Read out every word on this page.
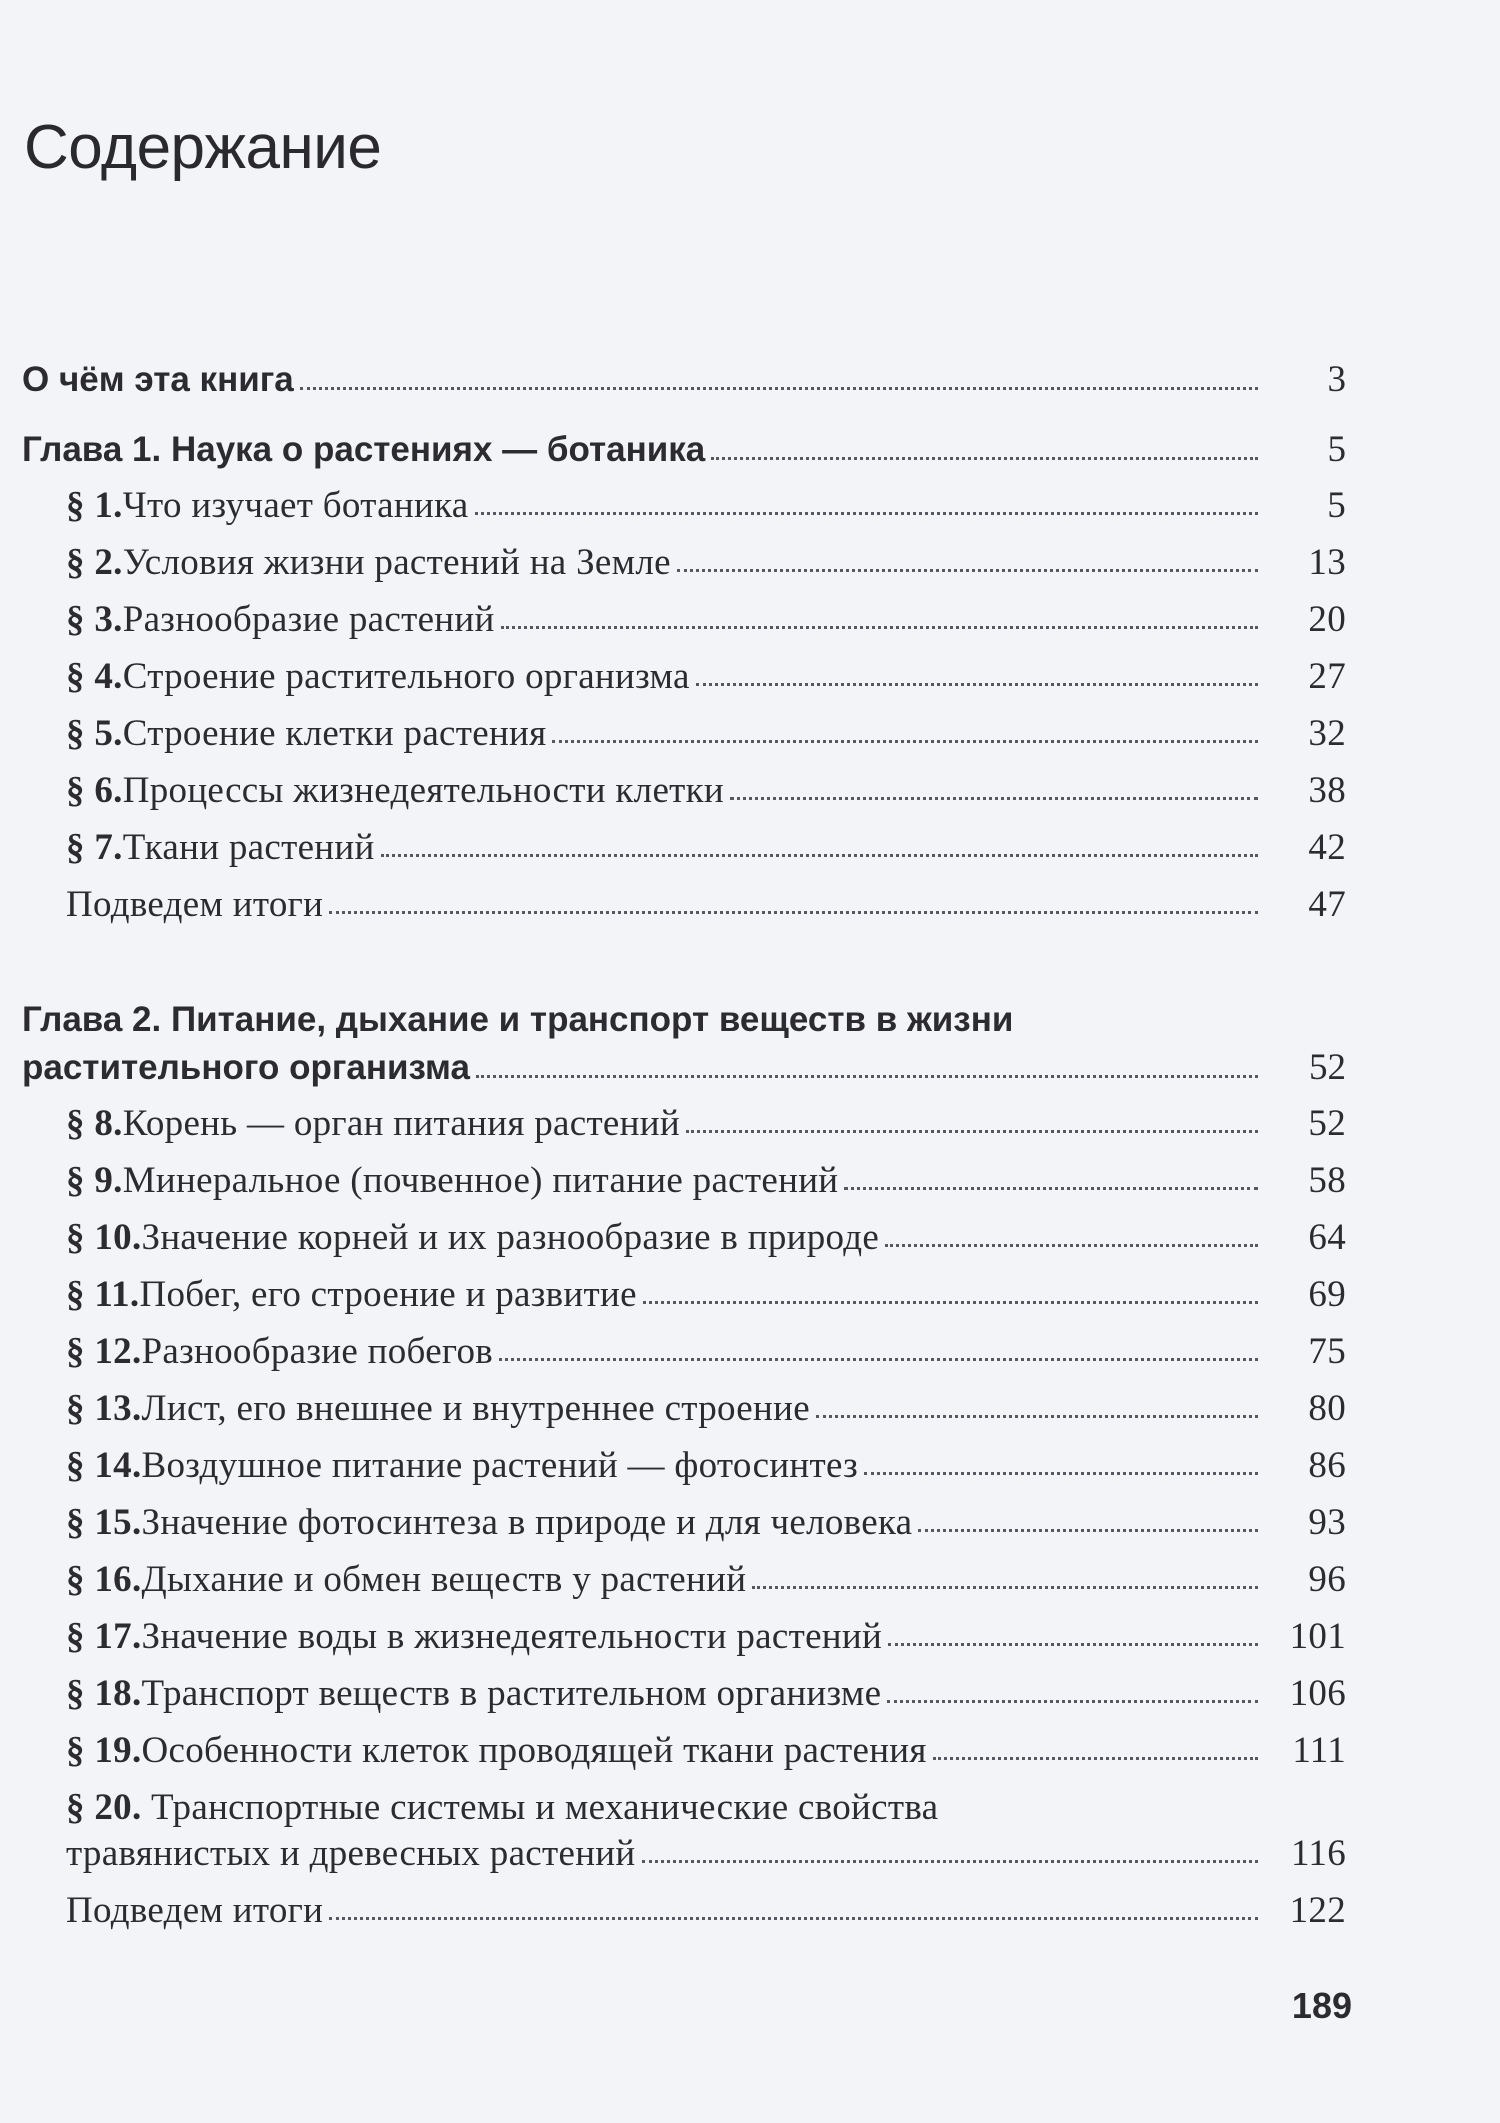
Содержание
О чём эта книга	3
Глава 1. Наука о растениях — ботаника	5
§ 1. Что изучает ботаника	5
§ 2. Условия жизни растений на Земле	13
§ 3. Разнообразие растений	20
§ 4. Строение растительного организма	27
§ 5. Строение клетки растения	32
§ 6. Процессы жизнедеятельности клетки	38
§ 7. Ткани растений	42
Подведем итоги	47
Глава 2. Питание, дыхание и транспорт веществ в жизни
растительного организма	52
§ 8. Корень — орган питания растений	52
§ 9. Минеральное (почвенное) питание растений	58
§ 10. Значение корней и их разнообразие в природе	64
§ 11. Побег, его строение и развитие	69
§ 12. Разнообразие побегов	75
§ 13. Лист, его внешнее и внутреннее строение	80
§ 14. Воздушное питание растений — фотосинтез	86
§ 15. Значение фотосинтеза в природе и для человека	93
§ 16. Дыхание и обмен веществ у растений	96
§ 17. Значение воды в жизнедеятельности растений	101
§ 18. Транспорт веществ в растительном организме	106
§ 19. Особенности клеток проводящей ткани растения	111
§ 20. Транспортные системы и механические свойства
травянистых и древесных растений	116
Подведем итоги	122
189
